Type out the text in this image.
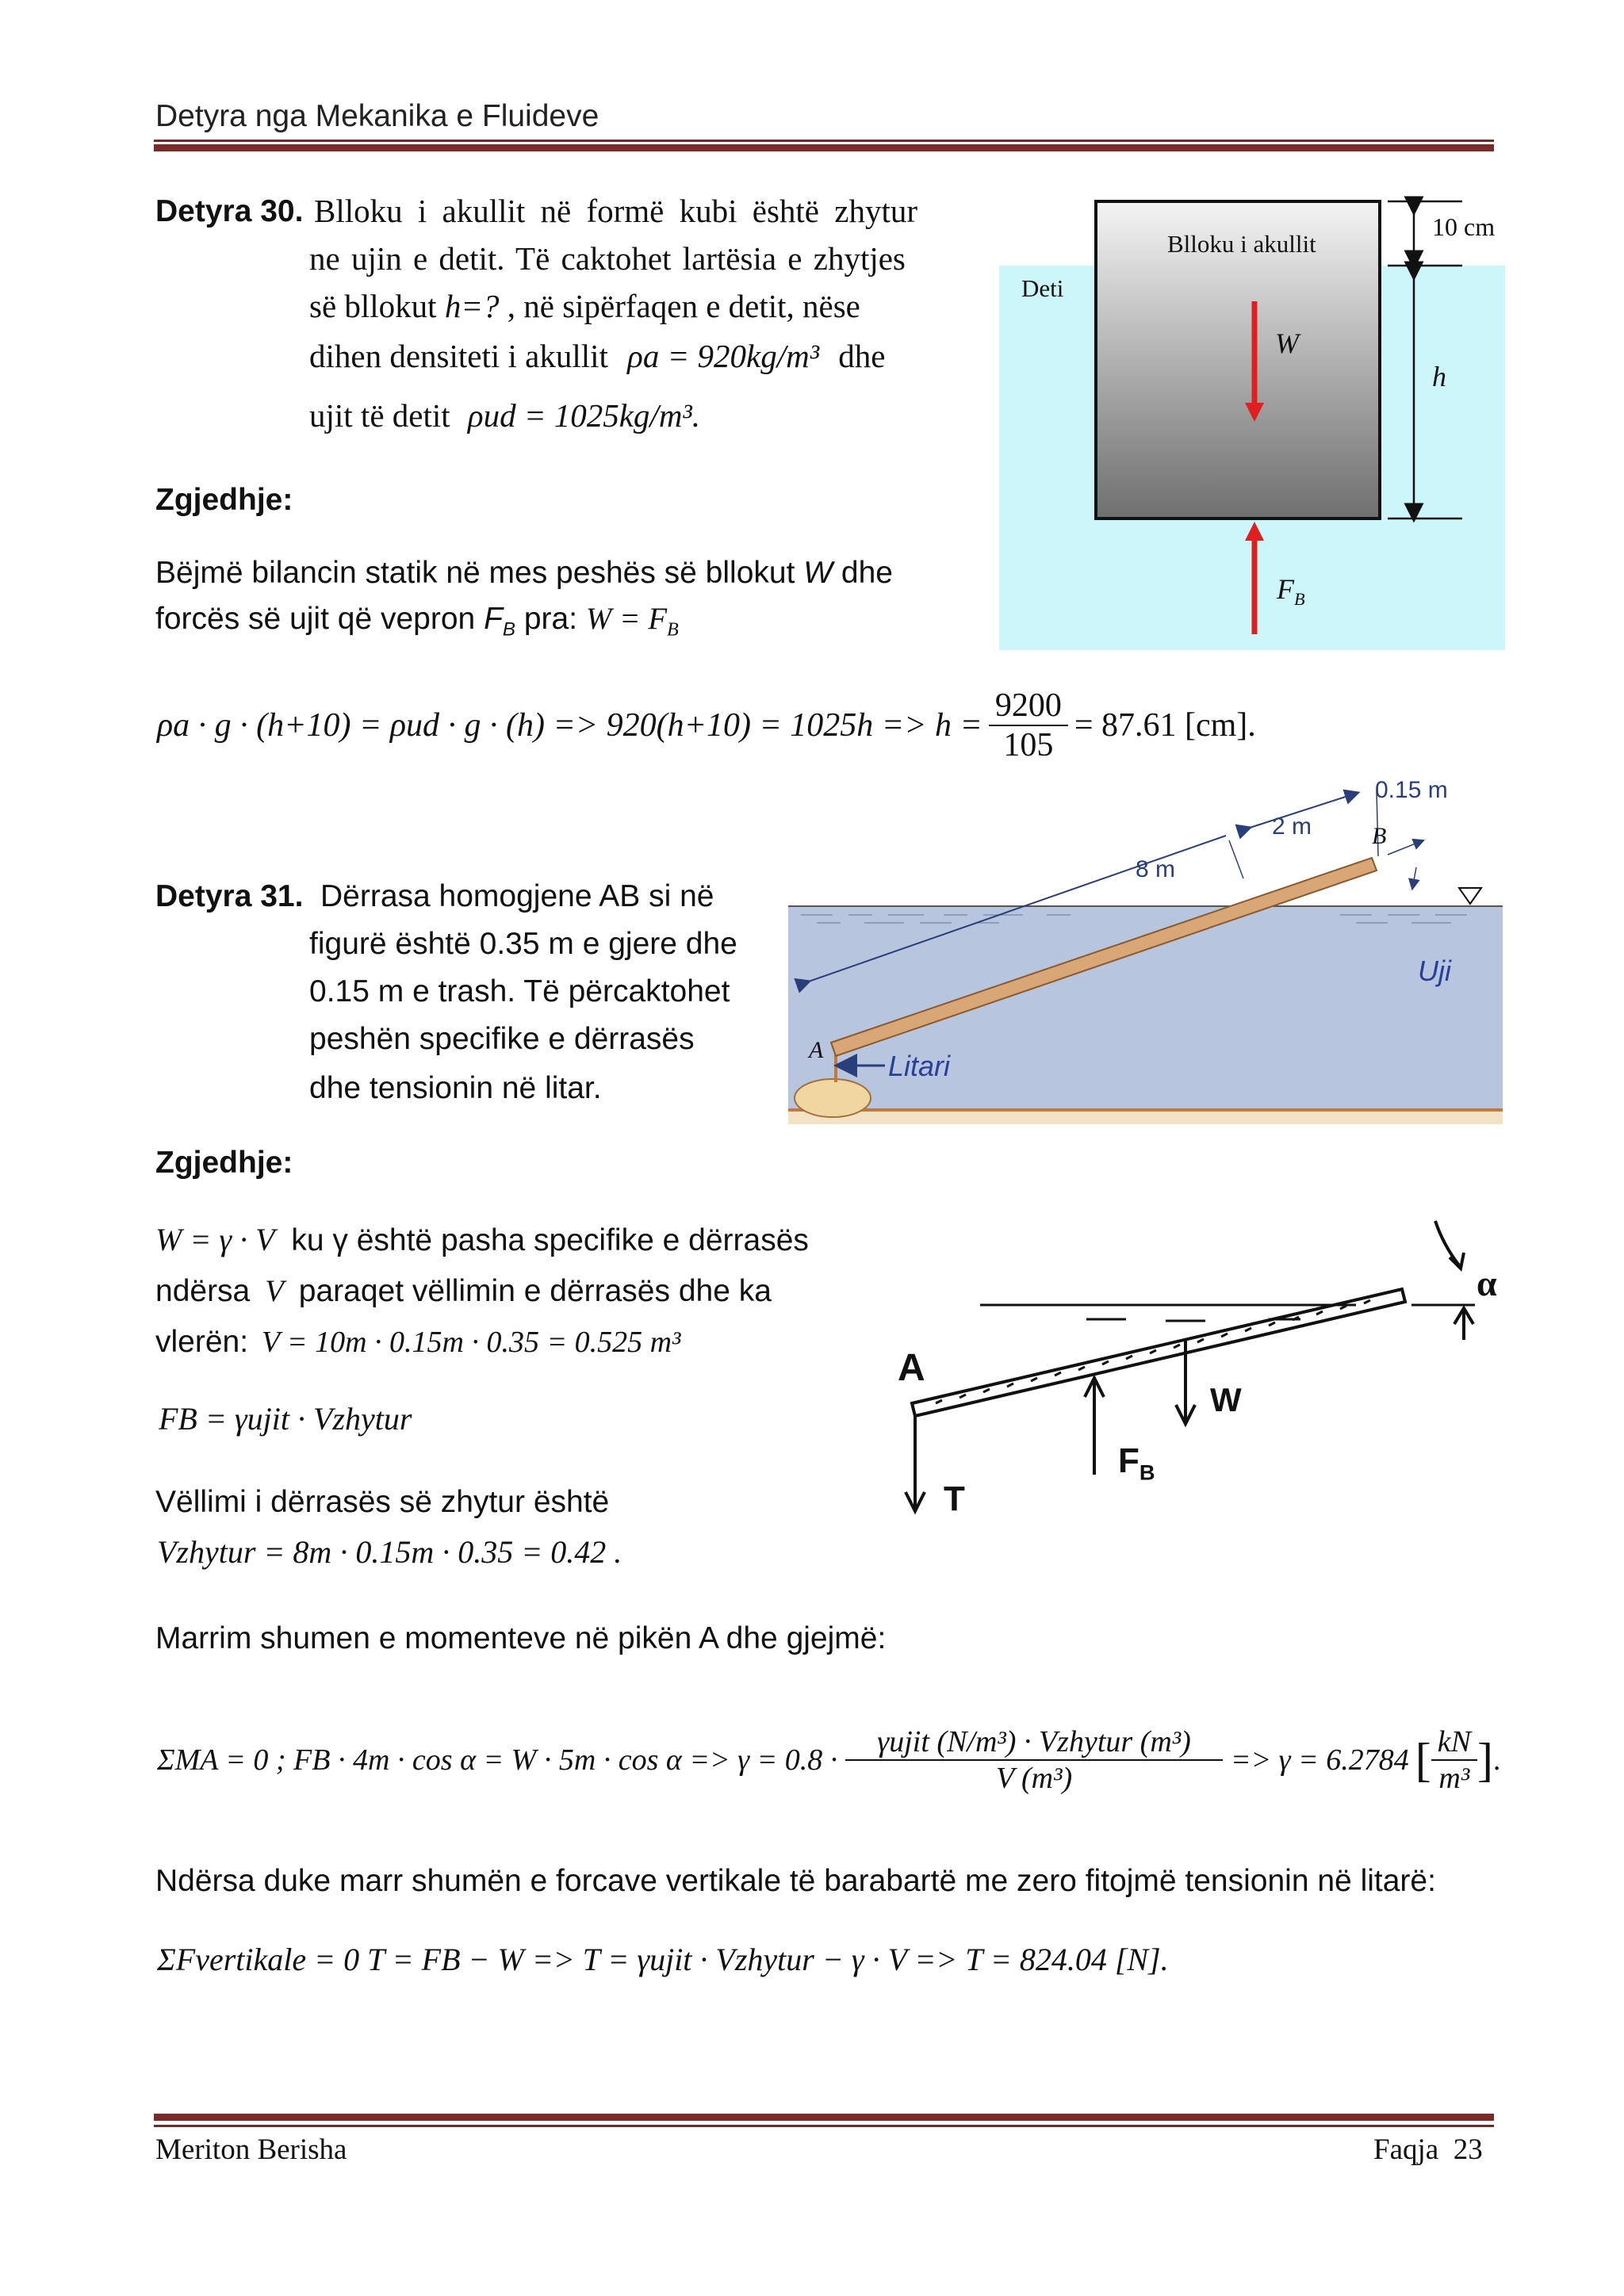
Detyra nga Mekanika e Fluideve
Detyra 30. Blloku i akullit në formë kubi është zhytur
ne ujin e detit. Të caktohet lartësia e zhytjes
së bllokut h=? , në sipërfaqen e detit, nëse
dihen densiteti i akullit ρa = 920kg/m³ dhe
ujit të detit ρud = 1025kg/m³.
Zgjedhje:
Bëjmë bilancin statik në mes peshës së bllokut W dhe
forcës së ujit që vepron $F_B$ pra: $W = F_B$
$\rho a \cdot g \cdot (h+10) = \rho ud \cdot g \cdot (h) => 920(h+10) = 1025h => h = \frac{9200}{105} = 87.61$ [cm].
Blloku i akullit
Deti
10 cm
h
W
$F_B$
Detyra 31. Dërrasa homogjene AB si në
figurë është 0.35 m e gjere dhe
0.15 m e trash. Të përcaktohet
peshën specifike e dërrasës
dhe tensionin në litar.
Zgjedhje:
8 m
2 m
0.15 m
B
A
Uji
Litari
W = γ · V ku γ është pasha specifike e dërrasës
ndërsa V paraqet vëllimin e dërrasës dhe ka
vlerën: V = 10m · 0.15m · 0.35 = 0.525 m³
FB = γujit · Vzhytur
Vëllimi i dërrasës së zhytur është
Vzhytur = 8m · 0.15m · 0.35 = 0.42 .
Marrim shumen e momenteve në pikën A dhe gjejmë:
ΣMA = 0 ; FB · $4m \cdot \cos \alpha = W \cdot 5m \cdot \cos \alpha => \gamma = 0.8 \cdot \frac{\text{γujit (N/m³) · Vzhytur (m³)}}{\text{V (m³)}} => \gamma = 6.2784$ [ $\frac{kN}{\text{m³}}$ ] .
Ndërsa duke marr shumën e forcave vertikale të barabartë me zero fitojmë tensionin në litarë:
ΣFvertikale = 0 T = FB − W => T = γujit · Vzhytur − γ · V => T = 824.04 [N].
A
W
$F_B$
T
α
Meriton Berisha	Faqja  23
